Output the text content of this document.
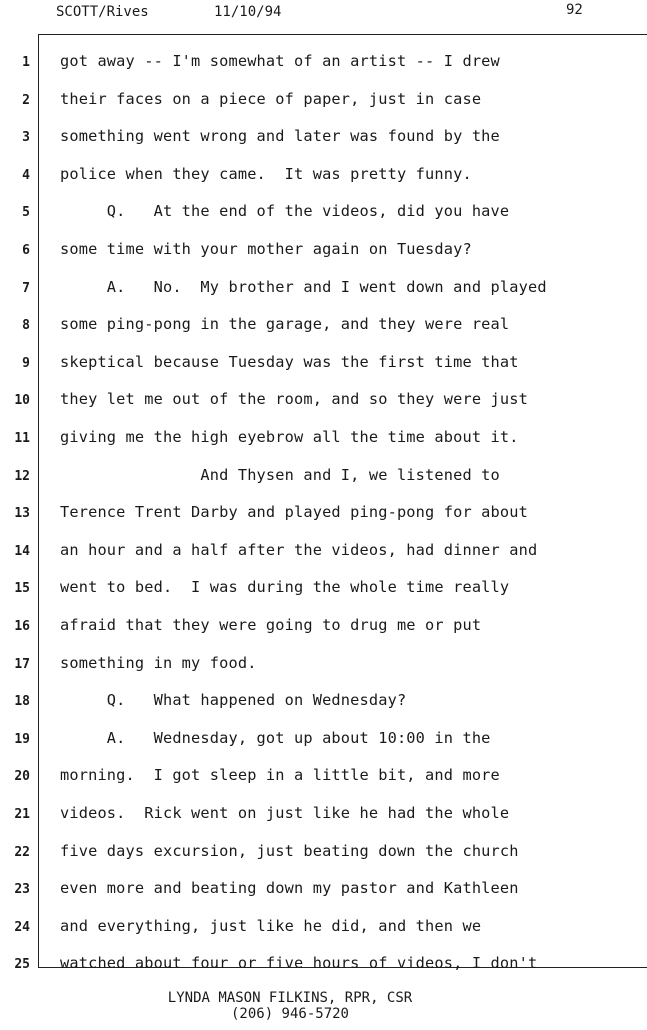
SCOTT/Rives	11/10/94	92
1 got away -- I'm somewhat of an artist -- I drew
2 their faces on a piece of paper, just in case
3 something went wrong and later was found by the
4 police when they came.  It was pretty funny.
5 Q.   At the end of the videos, did you have
6 some time with your mother again on Tuesday?
7 A.   No.  My brother and I went down and played
8 some ping-pong in the garage, and they were real
9 skeptical because Tuesday was the first time that
10 they let me out of the room, and so they were just
11 giving me the high eyebrow all the time about it.
12 And Thysen and I, we listened to
13 Terence Trent Darby and played ping-pong for about
14 an hour and a half after the videos, had dinner and
15 went to bed.  I was during the whole time really
16 afraid that they were going to drug me or put
17 something in my food.
18 Q.   What happened on Wednesday?
19 A.   Wednesday, got up about 10:00 in the
20 morning.  I got sleep in a little bit, and more
21 videos.  Rick went on just like he had the whole
22 five days excursion, just beating down the church
23 even more and beating down my pastor and Kathleen
24 and everything, just like he did, and then we
25 watched about four or five hours of videos, I don't
LYNDA MASON FILKINS, RPR, CSR
(206) 946-5720
